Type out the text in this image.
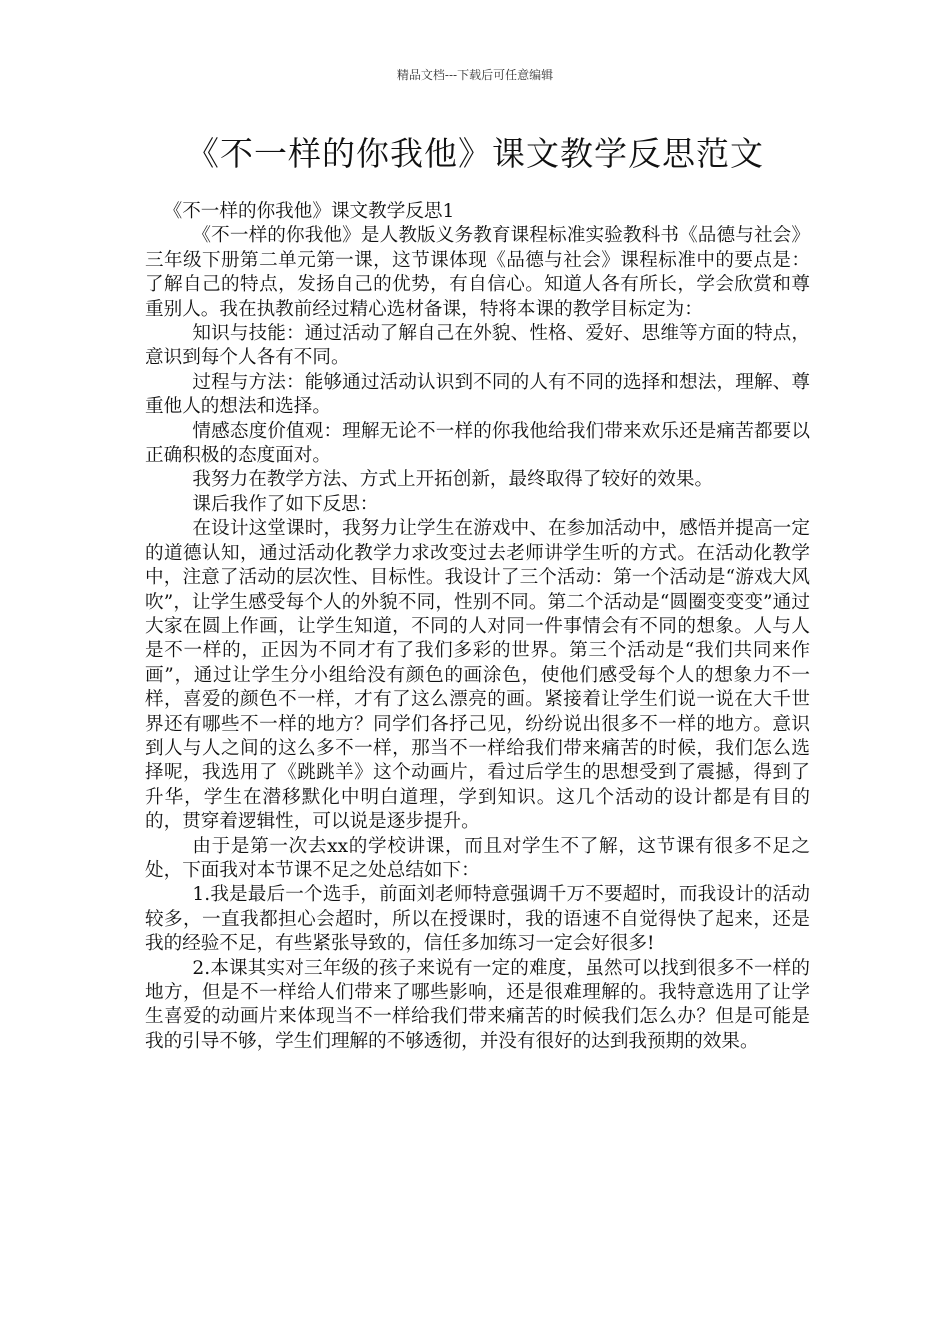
精品文档---下载后可任意编辑
《不一样的你我他》课文教学反思范文

《不一样的你我他》课文教学反思1

《不一样的你我他》是人教版义务教育课程标准实验教科书《品德与社会》三年级下册第二单元第一课，这节课体现《品德与社会》课程标准中的要点是：了解自己的特点，发扬自己的优势，有自信心。知道人各有所长，学会欣赏和尊重别人。我在执教前经过精心选材备课，特将本课的教学目标定为：

知识与技能：通过活动了解自己在外貌、性格、爱好、思维等方面的特点，意识到每个人各有不同。

过程与方法：能够通过活动认识到不同的人有不同的选择和想法，理解、尊重他人的想法和选择。

情感态度价值观：理解无论不一样的你我他给我们带来欢乐还是痛苦都要以正确积极的态度面对。

我努力在教学方法、方式上开拓创新，最终取得了较好的效果。

课后我作了如下反思：

在设计这堂课时，我努力让学生在游戏中、在参加活动中，感悟并提高一定的道德认知，通过活动化教学力求改变过去老师讲学生听的方式。在活动化教学中，注意了活动的层次性、目标性。我设计了三个活动：第一个活动是“游戏大风吹”，让学生感受每个人的外貌不同，性别不同。第二个活动是“圆圈变变变”通过大家在圆上作画，让学生知道，不同的人对同一件事情会有不同的想象。人与人是不一样的，正因为不同才有了我们多彩的世界。第三个活动是“我们共同来作画”，通过让学生分小组给没有颜色的画涂色，使他们感受每个人的想象力不一样，喜爱的颜色不一样，才有了这么漂亮的画。紧接着让学生们说一说在大千世界还有哪些不一样的地方？同学们各抒己见，纷纷说出很多不一样的地方。意识到人与人之间的这么多不一样，那当不一样给我们带来痛苦的时候，我们怎么选择呢，我选用了《跳跳羊》这个动画片，看过后学生的思想受到了震撼，得到了升华，学生在潜移默化中明白道理，学到知识。这几个活动的设计都是有目的的，贯穿着逻辑性，可以说是逐步提升。

由于是第一次去xx的学校讲课，而且对学生不了解，这节课有很多不足之处，下面我对本节课不足之处总结如下：

1.我是最后一个选手，前面刘老师特意强调千万不要超时，而我设计的活动较多，一直我都担心会超时，所以在授课时，我的语速不自觉得快了起来，还是我的经验不足，有些紧张导致的，信任多加练习一定会好很多!

2.本课其实对三年级的孩子来说有一定的难度，虽然可以找到很多不一样的地方，但是不一样给人们带来了哪些影响，还是很难理解的。我特意选用了让学生喜爱的动画片来体现当不一样给我们带来痛苦的时候我们怎么办？但是可能是我的引导不够，学生们理解的不够透彻，并没有很好的达到我预期的效果。
